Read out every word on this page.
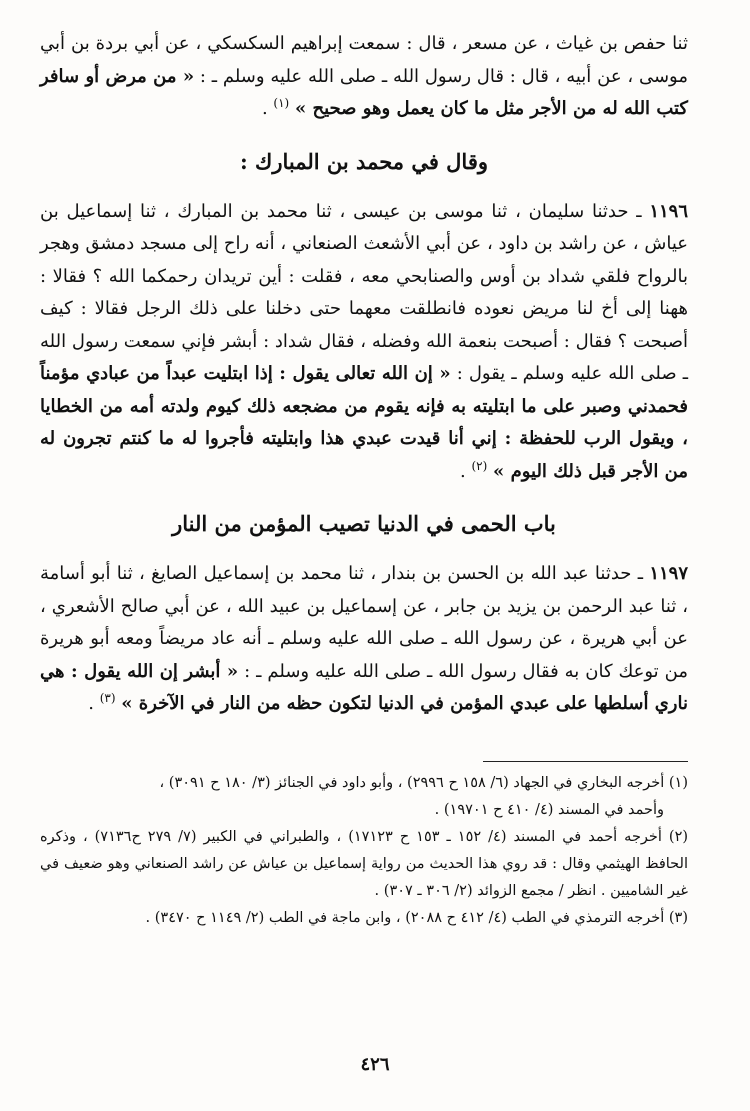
ثنا حفص بن غياث ، عن مسعر ، قال : سمعت إبراهيم السكسكي ، عن أبي بردة بن أبي موسى ، عن أبيه ، قال : قال رسول الله ـ صلى الله عليه وسلم ـ : « من مرض أو سافر كتب الله له من الأجر مثل ما كان يعمل وهو صحيح » $^{(١)}$ .

وقال في محمد بن المبارك :

١١٩٦ ـ حدثنا سليمان ، ثنا موسى بن عيسى ، ثنا محمد بن المبارك ، ثنا إسماعيل بن عياش ، عن راشد بن داود ، عن أبي الأشعث الصنعاني ، أنه راح إلى مسجد دمشق وهجر بالرواح فلقي شداد بن أوس والصنابحي معه ، فقلت : أين تريدان رحمكما الله ؟ فقالا : ههنا إلى أخ لنا مريض نعوده فانطلقت معهما حتى دخلنا على ذلك الرجل فقالا : كيف أصبحت ؟ فقال : أصبحت بنعمة الله وفضله ، فقال شداد : أبشر فإني سمعت رسول الله ـ صلى الله عليه وسلم ـ يقول : « إن الله تعالى يقول : إذا ابتليت عبداً من عبادي مؤمناً فحمدني وصبر على ما ابتليته به فإنه يقوم من مضجعه ذلك كيوم ولدته أمه من الخطايا ، ويقول الرب للحفظة : إني أنا قيدت عبدي هذا وابتليته فأجروا له ما كنتم تجرون له من الأجر قبل ذلك اليوم » $^{(٢)}$ .

باب الحمى في الدنيا تصيب المؤمن من النار

١١٩٧ ـ حدثنا عبد الله بن الحسن بن بندار ، ثنا محمد بن إسماعيل الصايغ ، ثنا أبو أسامة ، ثنا عبد الرحمن بن يزيد بن جابر ، عن إسماعيل بن عبيد الله ، عن أبي صالح الأشعري ، عن أبي هريرة ، عن رسول الله ـ صلى الله عليه وسلم ـ أنه عاد مريضاً ومعه أبو هريرة من توعك كان به فقال رسول الله ـ صلى الله عليه وسلم ـ : « أبشر إن الله يقول : هي ناري أسلطها على عبدي المؤمن في الدنيا لتكون حظه من النار في الآخرة » $^{(٣)}$ .

(١) أخرجه البخاري في الجهاد (٦/ ١٥٨ ح ٢٩٩٦) ، وأبو داود في الجنائز (٣/ ١٨٠ ح ٣٠٩١) ،
وأحمد في المسند (٤/ ٤١٠ ح ١٩٧٠١) .

(٢) أخرجه أحمد في المسند (٤/ ١٥٢ ـ ١٥٣ ح ١٧١٢٣) ، والطبراني في الكبير (٧/ ٢٧٩ ح٧١٣٦) ، وذكره الحافظ الهيثمي وقال : قد روي هذا الحديث من رواية إسماعيل بن عياش عن راشد الصنعاني وهو ضعيف في غير الشاميين . انظر / مجمع الزوائد (٢/ ٣٠٦ ـ ٣٠٧) .

(٣) أخرجه الترمذي في الطب (٤/ ٤١٢ ح ٢٠٨٨) ، وابن ماجة في الطب (٢/ ١١٤٩ ح ٣٤٧٠) .

٤٢٦
